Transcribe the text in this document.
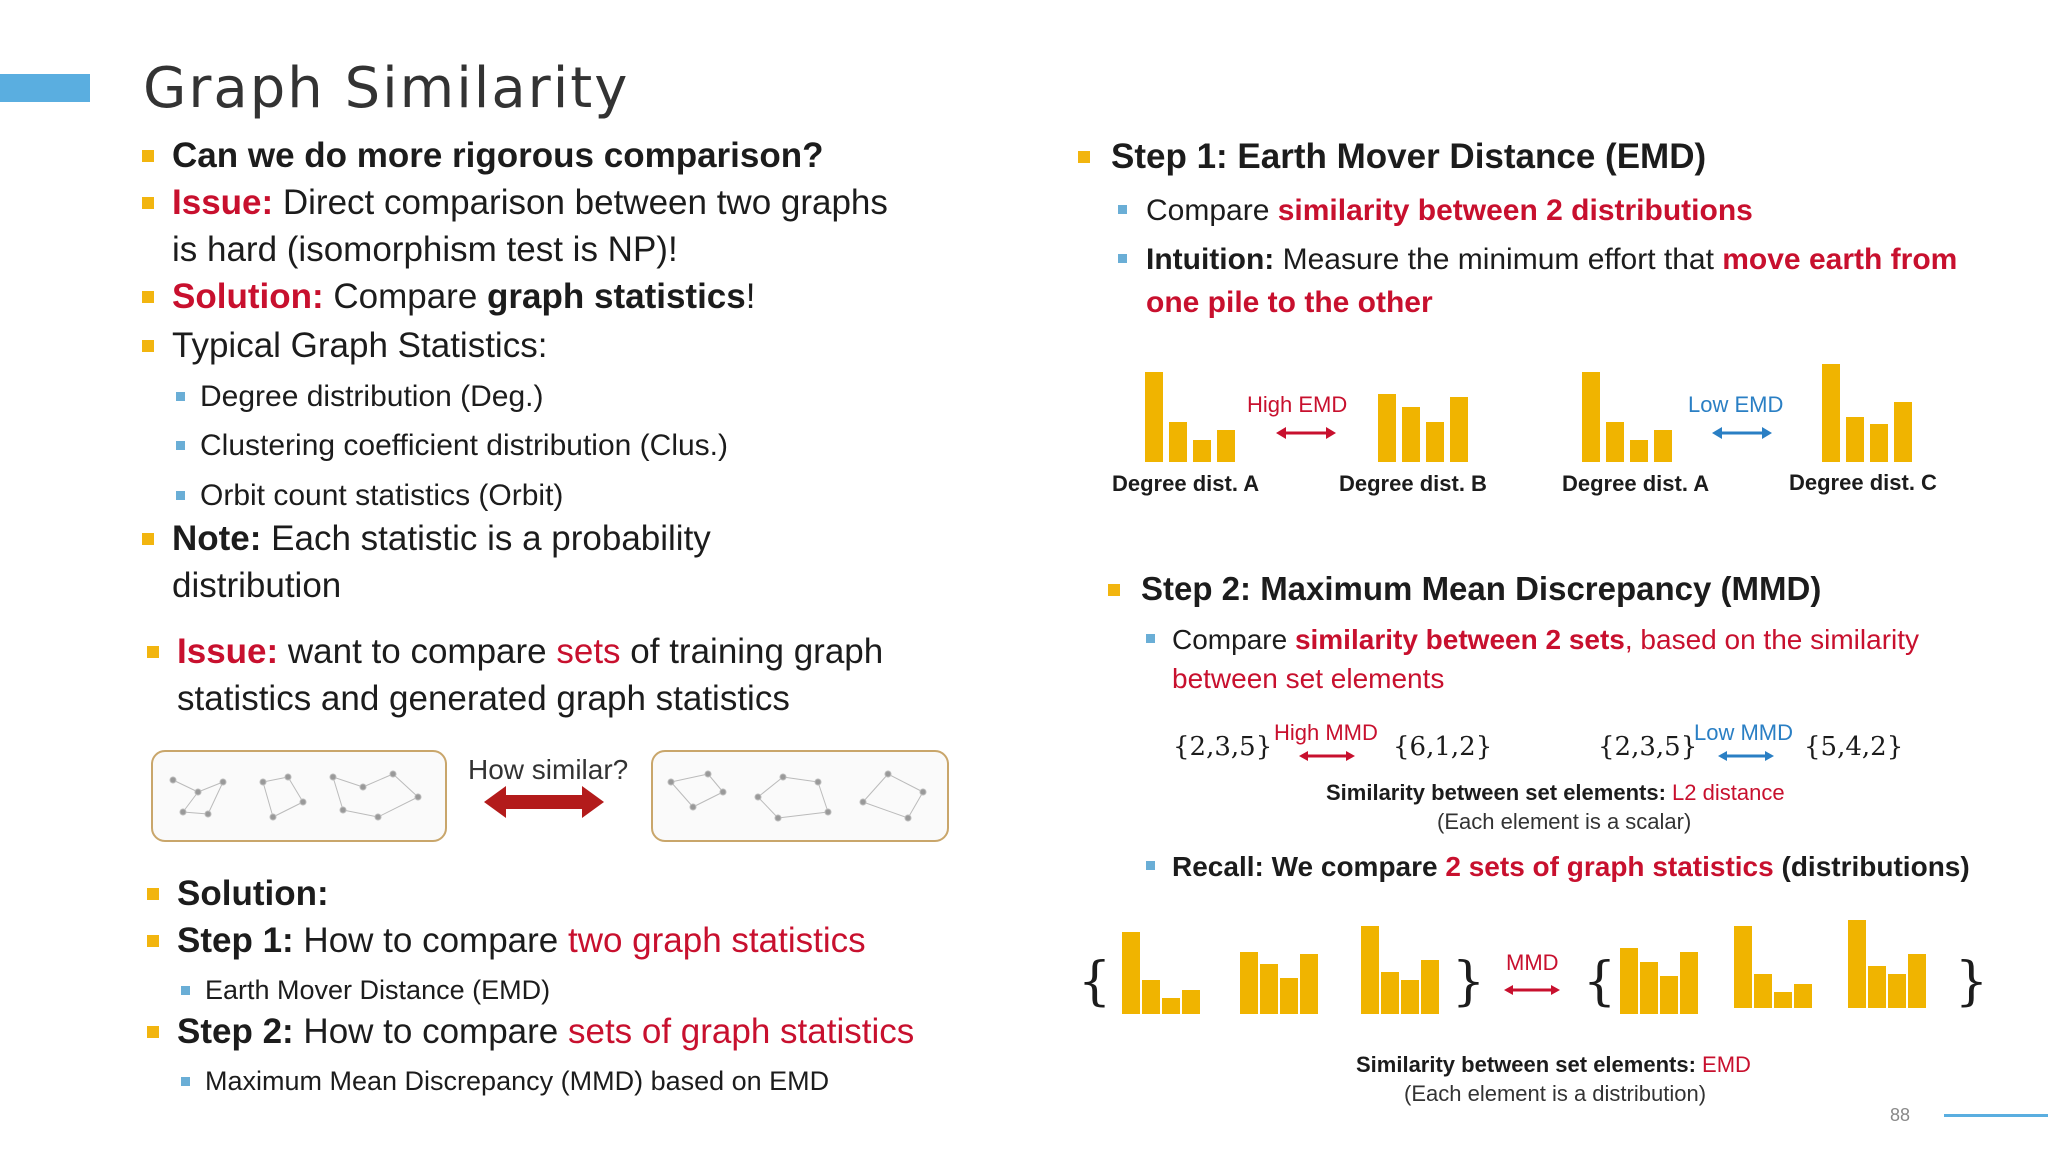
Graph Similarity
Can we do more rigorous comparison?
Issue: Direct comparison between two graphs
is hard (isomorphism test is NP)!
Solution: Compare graph statistics!
Typical Graph Statistics:
Degree distribution (Deg.)
Clustering coefficient distribution (Clus.)
Orbit count statistics (Orbit)
Note: Each statistic is a probability
distribution
Issue: want to compare sets of training graph
statistics and generated graph statistics
How similar?
Solution:
Step 1: How to compare two graph statistics
Earth Mover Distance (EMD)
Step 2: How to compare sets of graph statistics
Maximum Mean Discrepancy (MMD) based on EMD
Step 1: Earth Mover Distance (EMD)
Compare similarity between 2 distributions
Intuition: Measure the minimum effort that move earth from
one pile to the other
High EMD	Low EMD
Degree dist. A	Degree dist. B	Degree dist. A	Degree dist. C
Step 2: Maximum Mean Discrepancy (MMD)
Compare similarity between 2 sets, based on the similarity
between set elements
{2,3,5} High MMD {6,1,2}	{2,3,5}
Low MMD {5,4,2}
Similarity between set elements: L2 distance
(Each element is a scalar)
Recall: We compare 2 sets of graph statistics (distributions)
{	} MMD {	}
Similarity between set elements: EMD
(Each element is a distribution)
88
